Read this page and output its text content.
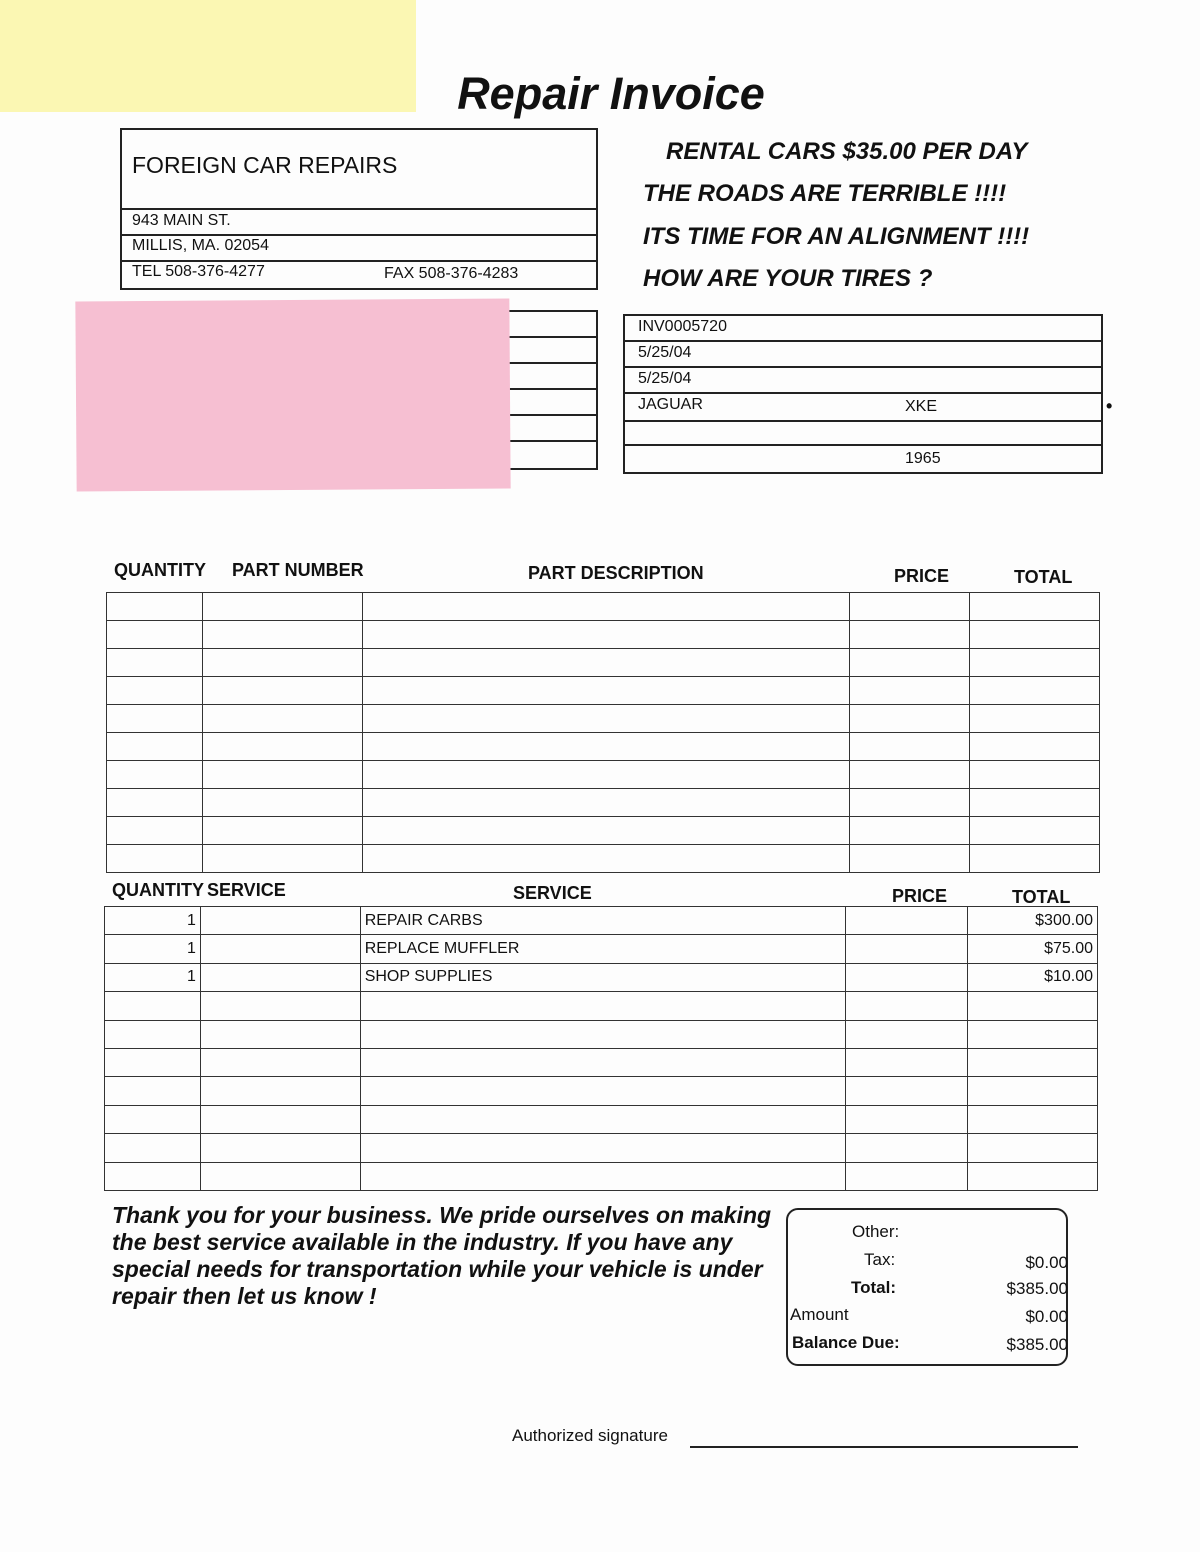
Repair Invoice
FOREIGN CAR REPAIRS
943 MAIN ST.
MILLIS, MA. 02054
TEL 508-376-4277	FAX 508-376-4283
RENTAL CARS $35.00 PER DAY
THE ROADS ARE TERRIBLE !!!!
ITS TIME FOR AN ALIGNMENT !!!!
HOW ARE YOUR TIRES ?
INV0005720
5/25/04
5/25/04
JAGUAR	XKE
1965
QUANTITY PART NUMBER	PART DESCRIPTION	PRICE	TOTAL

QUANTITY SERVICE	SERVICE	PRICE	TOTAL
1		REPAIR CARBS		$300.00
1		REPLACE MUFFLER		$75.00
1		SHOP SUPPLIES		$10.00

Thank you for your business. We pride ourselves on making the best service available in the industry. If you have any special needs for transportation while your vehicle is under repair then let us know !
Other:
Tax:	$0.00
Total:	$385.00
Amount	$0.00
Balance Due:	$385.00
Authorized signature
•
